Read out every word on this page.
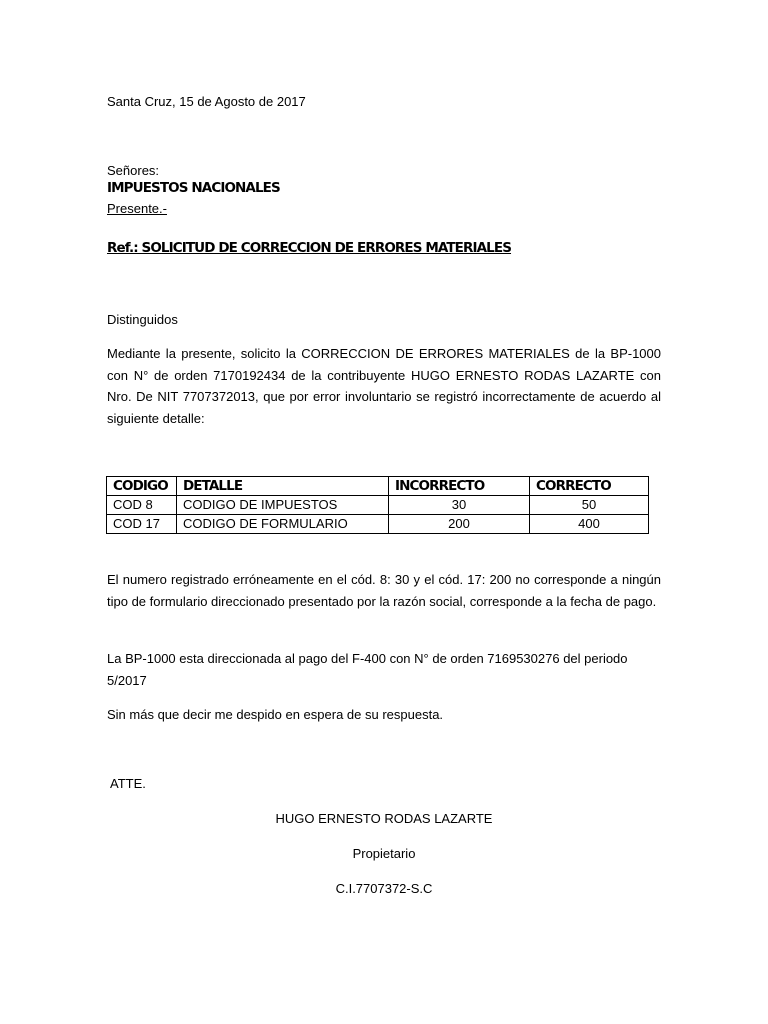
Santa Cruz, 15 de Agosto de 2017
Señores:
IMPUESTOS NACIONALES
Presente.-
Ref.: SOLICITUD DE CORRECCION DE ERRORES MATERIALES
Distinguidos
Mediante la presente, solicito la CORRECCION DE ERRORES MATERIALES de la BP-1000 con N° de orden 7170192434 de la contribuyente HUGO ERNESTO RODAS LAZARTE con Nro. De NIT 7707372013, que por error involuntario se registró incorrectamente de acuerdo al siguiente detalle:
CODIGO	DETALLE	INCORRECTO	CORRECTO
COD 8	CODIGO DE IMPUESTOS	30	50
COD 17	CODIGO DE FORMULARIO	200	400
El numero registrado erróneamente en el cód. 8: 30 y el cód. 17: 200 no corresponde a ningún tipo de formulario direccionado presentado por la razón social, corresponde a la fecha de pago.
La BP-1000 esta direccionada al pago del F-400 con N° de orden 7169530276 del periodo 5/2017
Sin más que decir me despido en espera de su respuesta.
ATTE.
HUGO ERNESTO RODAS LAZARTE
Propietario
C.I.7707372-S.C
